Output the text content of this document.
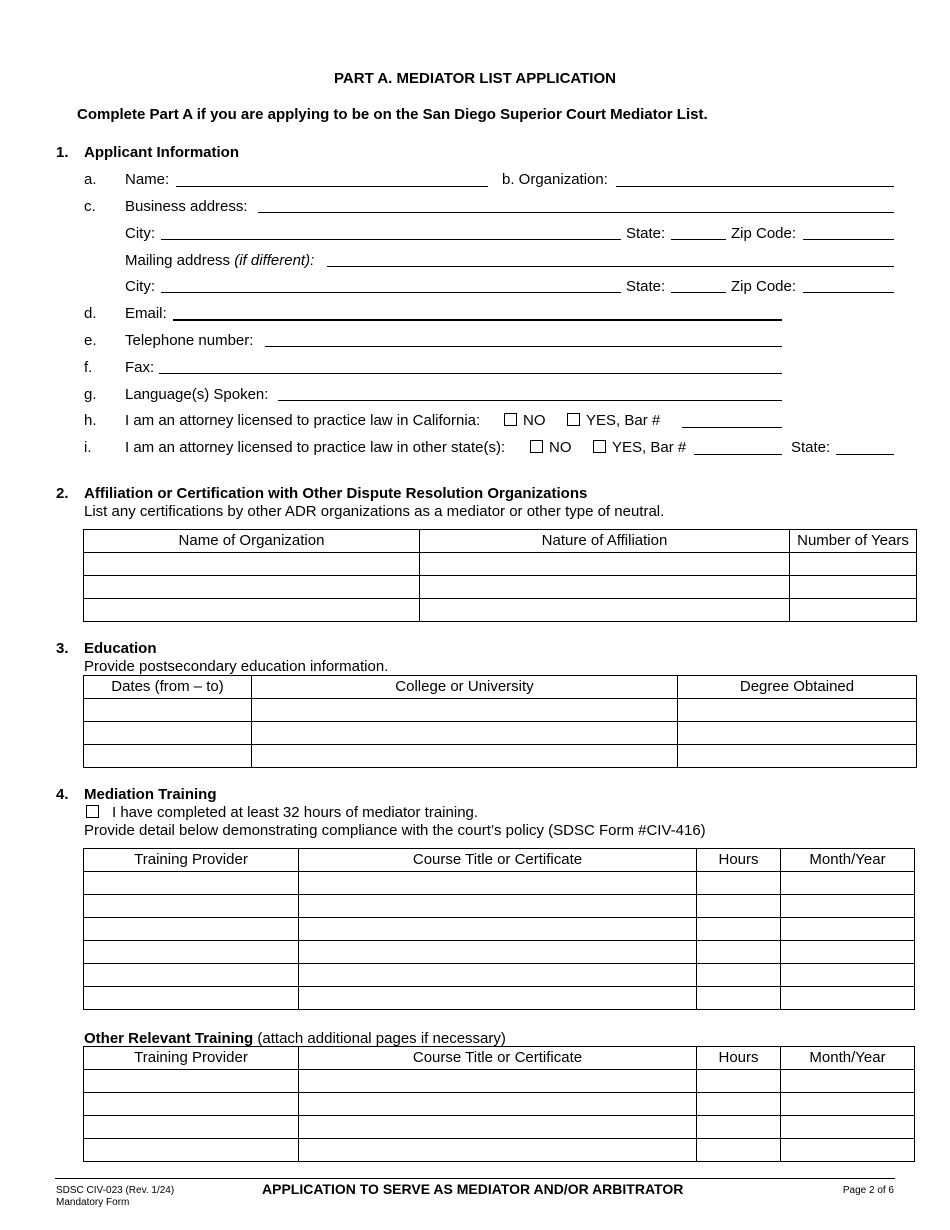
PART A. MEDIATOR LIST APPLICATION
Complete Part A if you are applying to be on the San Diego Superior Court Mediator List.
1. Applicant Information
a. Name:	b. Organization:
c. Business address:
City:	State:	Zip Code:
Mailing address (if different):
City:	State:	Zip Code:
d. Email:
e. Telephone number:
f. Fax:
g. Language(s) Spoken:
h. I am an attorney licensed to practice law in California:	NO	YES, Bar #
i. I am an attorney licensed to practice law in other state(s):	NO	YES, Bar #	State:
2. Affiliation or Certification with Other Dispute Resolution Organizations
List any certifications by other ADR organizations as a mediator or other type of neutral.
Name of Organization	Nature of Affiliation	Number of Years

3. Education
Provide postsecondary education information.
Dates (from – to)	College or University	Degree Obtained

4. Mediation Training
I have completed at least 32 hours of mediator training.
Provide detail below demonstrating compliance with the court’s policy (SDSC Form #CIV-416)
Training Provider	Course Title or Certificate	Hours	Month/Year

Other Relevant Training (attach additional pages if necessary)
Training Provider	Course Title or Certificate	Hours	Month/Year

SDSC CIV-023 (Rev. 1/24)
Mandatory Form
APPLICATION TO SERVE AS MEDIATOR AND/OR ARBITRATOR	Page 2 of 6
